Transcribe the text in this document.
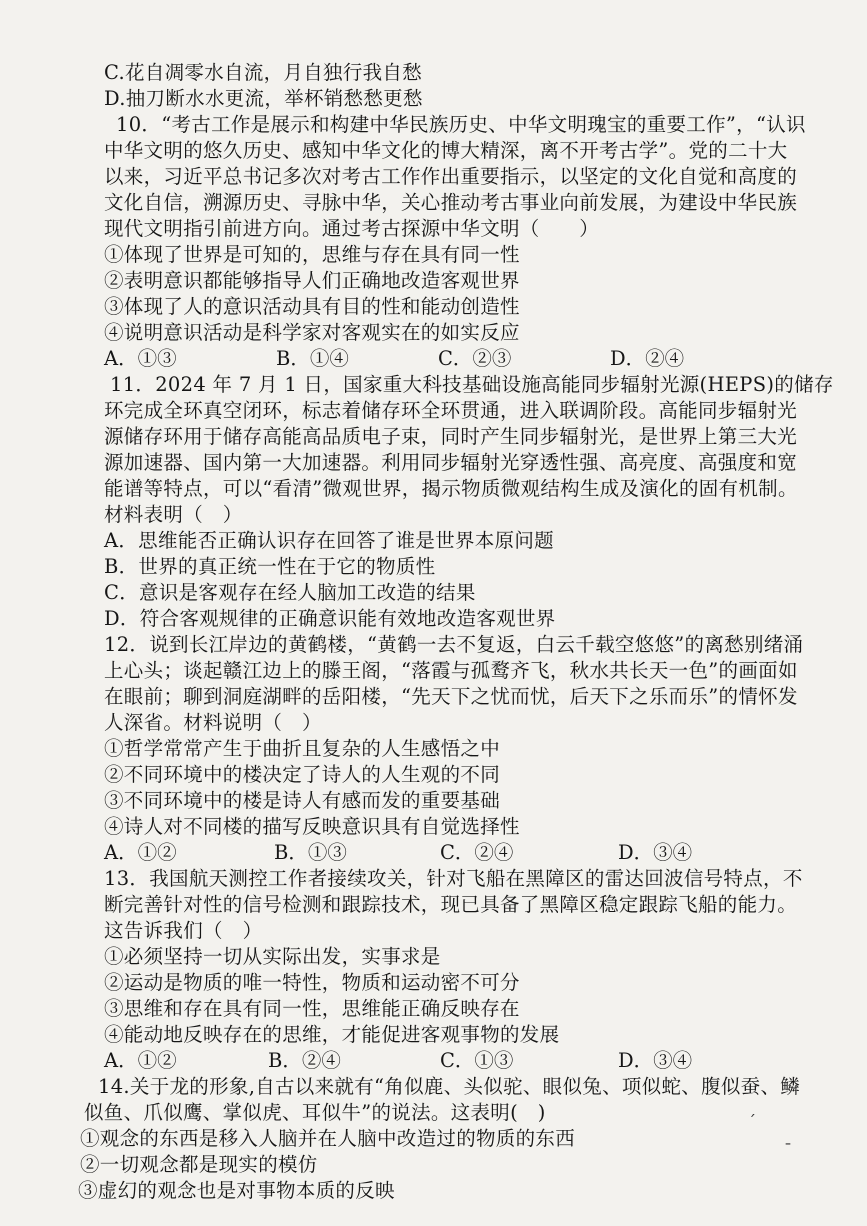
C.花自凋零水自流，月自独行我自愁
D.抽刀断水水更流，举杯销愁愁更愁
10．“考古工作是展示和构建中华民族历史、中华文明瑰宝的重要工作”，“认识
中华文明的悠久历史、感知中华文化的博大精深，离不开考古学”。党的二十大
以来，习近平总书记多次对考古工作作出重要指示，以坚定的文化自觉和高度的
文化自信，溯源历史、寻脉中华，关心推动考古事业向前发展，为建设中华民族
现代文明指引前进方向。通过考古探源中华文明（　　）
①体现了世界是可知的，思维与存在具有同一性
②表明意识都能够指导人们正确地改造客观世界
③体现了人的意识活动具有目的性和能动创造性
④说明意识活动是科学家对客观实在的如实反应
A．①③	B．①④	C．②③	D．②④
11．2024 年 7 月 1 日，国家重大科技基础设施高能同步辐射光源(HEPS)的储存
环完成全环真空闭环，标志着储存环全环贯通，进入联调阶段。高能同步辐射光
源储存环用于储存高能高品质电子束，同时产生同步辐射光，是世界上第三大光
源加速器、国内第一大加速器。利用同步辐射光穿透性强、高亮度、高强度和宽
能谱等特点，可以“看清”微观世界，揭示物质微观结构生成及演化的固有机制。
材料表明（　）
A．思维能否正确认识存在回答了谁是世界本原问题
B．世界的真正统一性在于它的物质性
C．意识是客观存在经人脑加工改造的结果
D．符合客观规律的正确意识能有效地改造客观世界
12．说到长江岸边的黄鹤楼，“黄鹤一去不复返，白云千载空悠悠”的离愁别绪涌
上心头；谈起赣江边上的滕王阁，“落霞与孤鹜齐飞，秋水共长天一色”的画面如
在眼前；聊到洞庭湖畔的岳阳楼，“先天下之忧而忧，后天下之乐而乐”的情怀发
人深省。材料说明（　）
①哲学常常产生于曲折且复杂的人生感悟之中
②不同环境中的楼决定了诗人的人生观的不同
③不同环境中的楼是诗人有感而发的重要基础
④诗人对不同楼的描写反映意识具有自觉选择性
A．①②	B．①③	C．②④	D．③④
13．我国航天测控工作者接续攻关，针对飞船在黑障区的雷达回波信号特点，不
断完善针对性的信号检测和跟踪技术，现已具备了黑障区稳定跟踪飞船的能力。
这告诉我们（　）
①必须坚持一切从实际出发，实事求是
②运动是物质的唯一特性，物质和运动密不可分
③思维和存在具有同一性，思维能正确反映存在
④能动地反映存在的思维，才能促进客观事物的发展
A．①②	B．②④	C．①③	D．③④
14.关于龙的形象,自古以来就有“角似鹿、头似驼、眼似兔、项似蛇、腹似蚕、鳞
似鱼、爪似鹰、掌似虎、耳似牛”的说法。这表明(　)
①观念的东西是移入人脑并在人脑中改造过的物质的东西
②一切观念都是现实的模仿
③虚幻的观念也是对事物本质的反映
ˊ
ˉ
